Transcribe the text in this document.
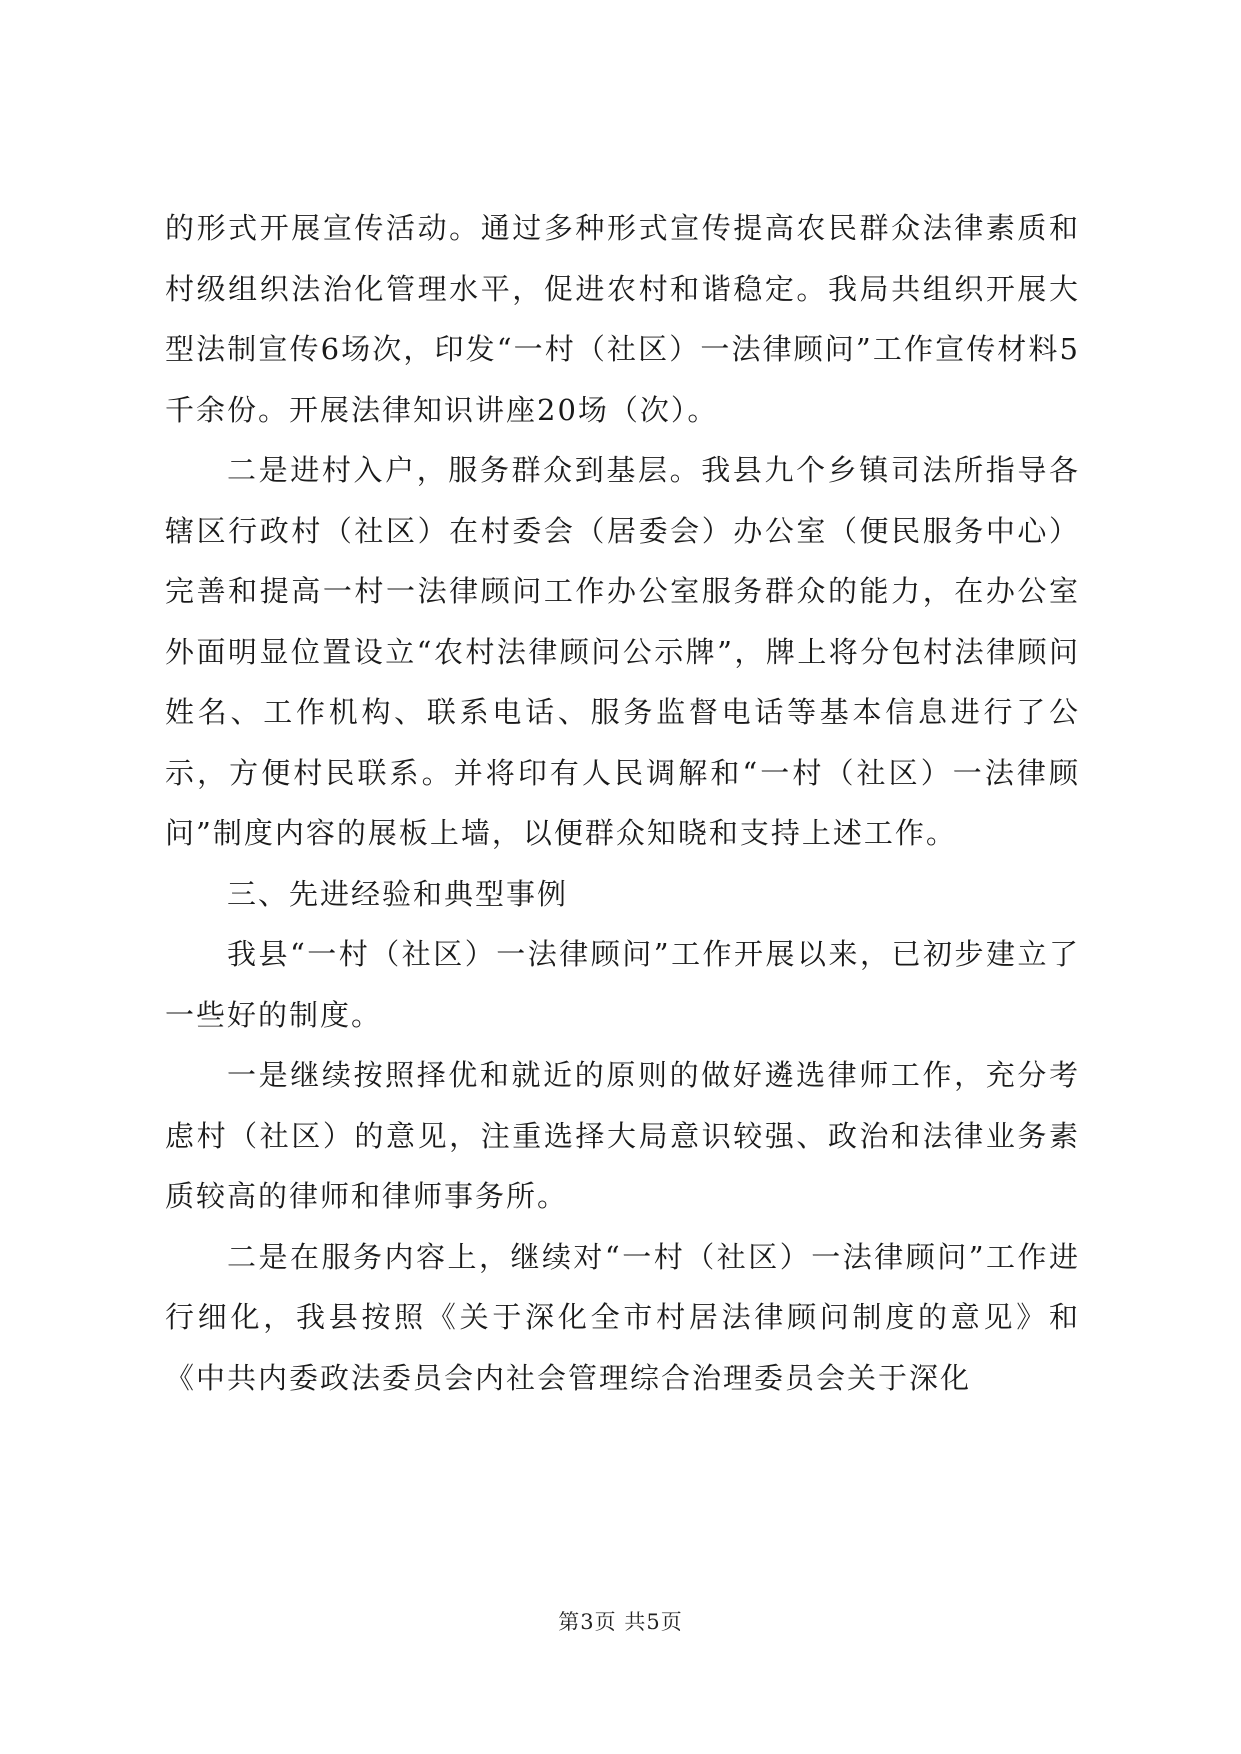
的形式开展宣传活动。通过多种形式宣传提高农民群众法律素质和村级组织法治化管理水平，促进农村和谐稳定。我局共组织开展大型法制宣传6场次，印发“一村（社区）一法律顾问”工作宣传材料5千余份。开展法律知识讲座20场（次）。

二是进村入户，服务群众到基层。我县九个乡镇司法所指导各辖区行政村（社区）在村委会（居委会）办公室（便民服务中心）完善和提高一村一法律顾问工作办公室服务群众的能力，在办公室外面明显位置设立“农村法律顾问公示牌”，牌上将分包村法律顾问姓名、工作机构、联系电话、服务监督电话等基本信息进行了公示，方便村民联系。并将印有人民调解和“一村（社区）一法律顾问”制度内容的展板上墙，以便群众知晓和支持上述工作。

三、先进经验和典型事例

我县“一村（社区）一法律顾问”工作开展以来，已初步建立了一些好的制度。

一是继续按照择优和就近的原则的做好遴选律师工作，充分考虑村（社区）的意见，注重选择大局意识较强、政治和法律业务素质较高的律师和律师事务所。

二是在服务内容上，继续对“一村（社区）一法律顾问”工作进行细化，我县按照《关于深化全市村居法律顾问制度的意见》和《中共内委政法委员会内社会管理综合治理委员会关于深化

第3页 共5页
